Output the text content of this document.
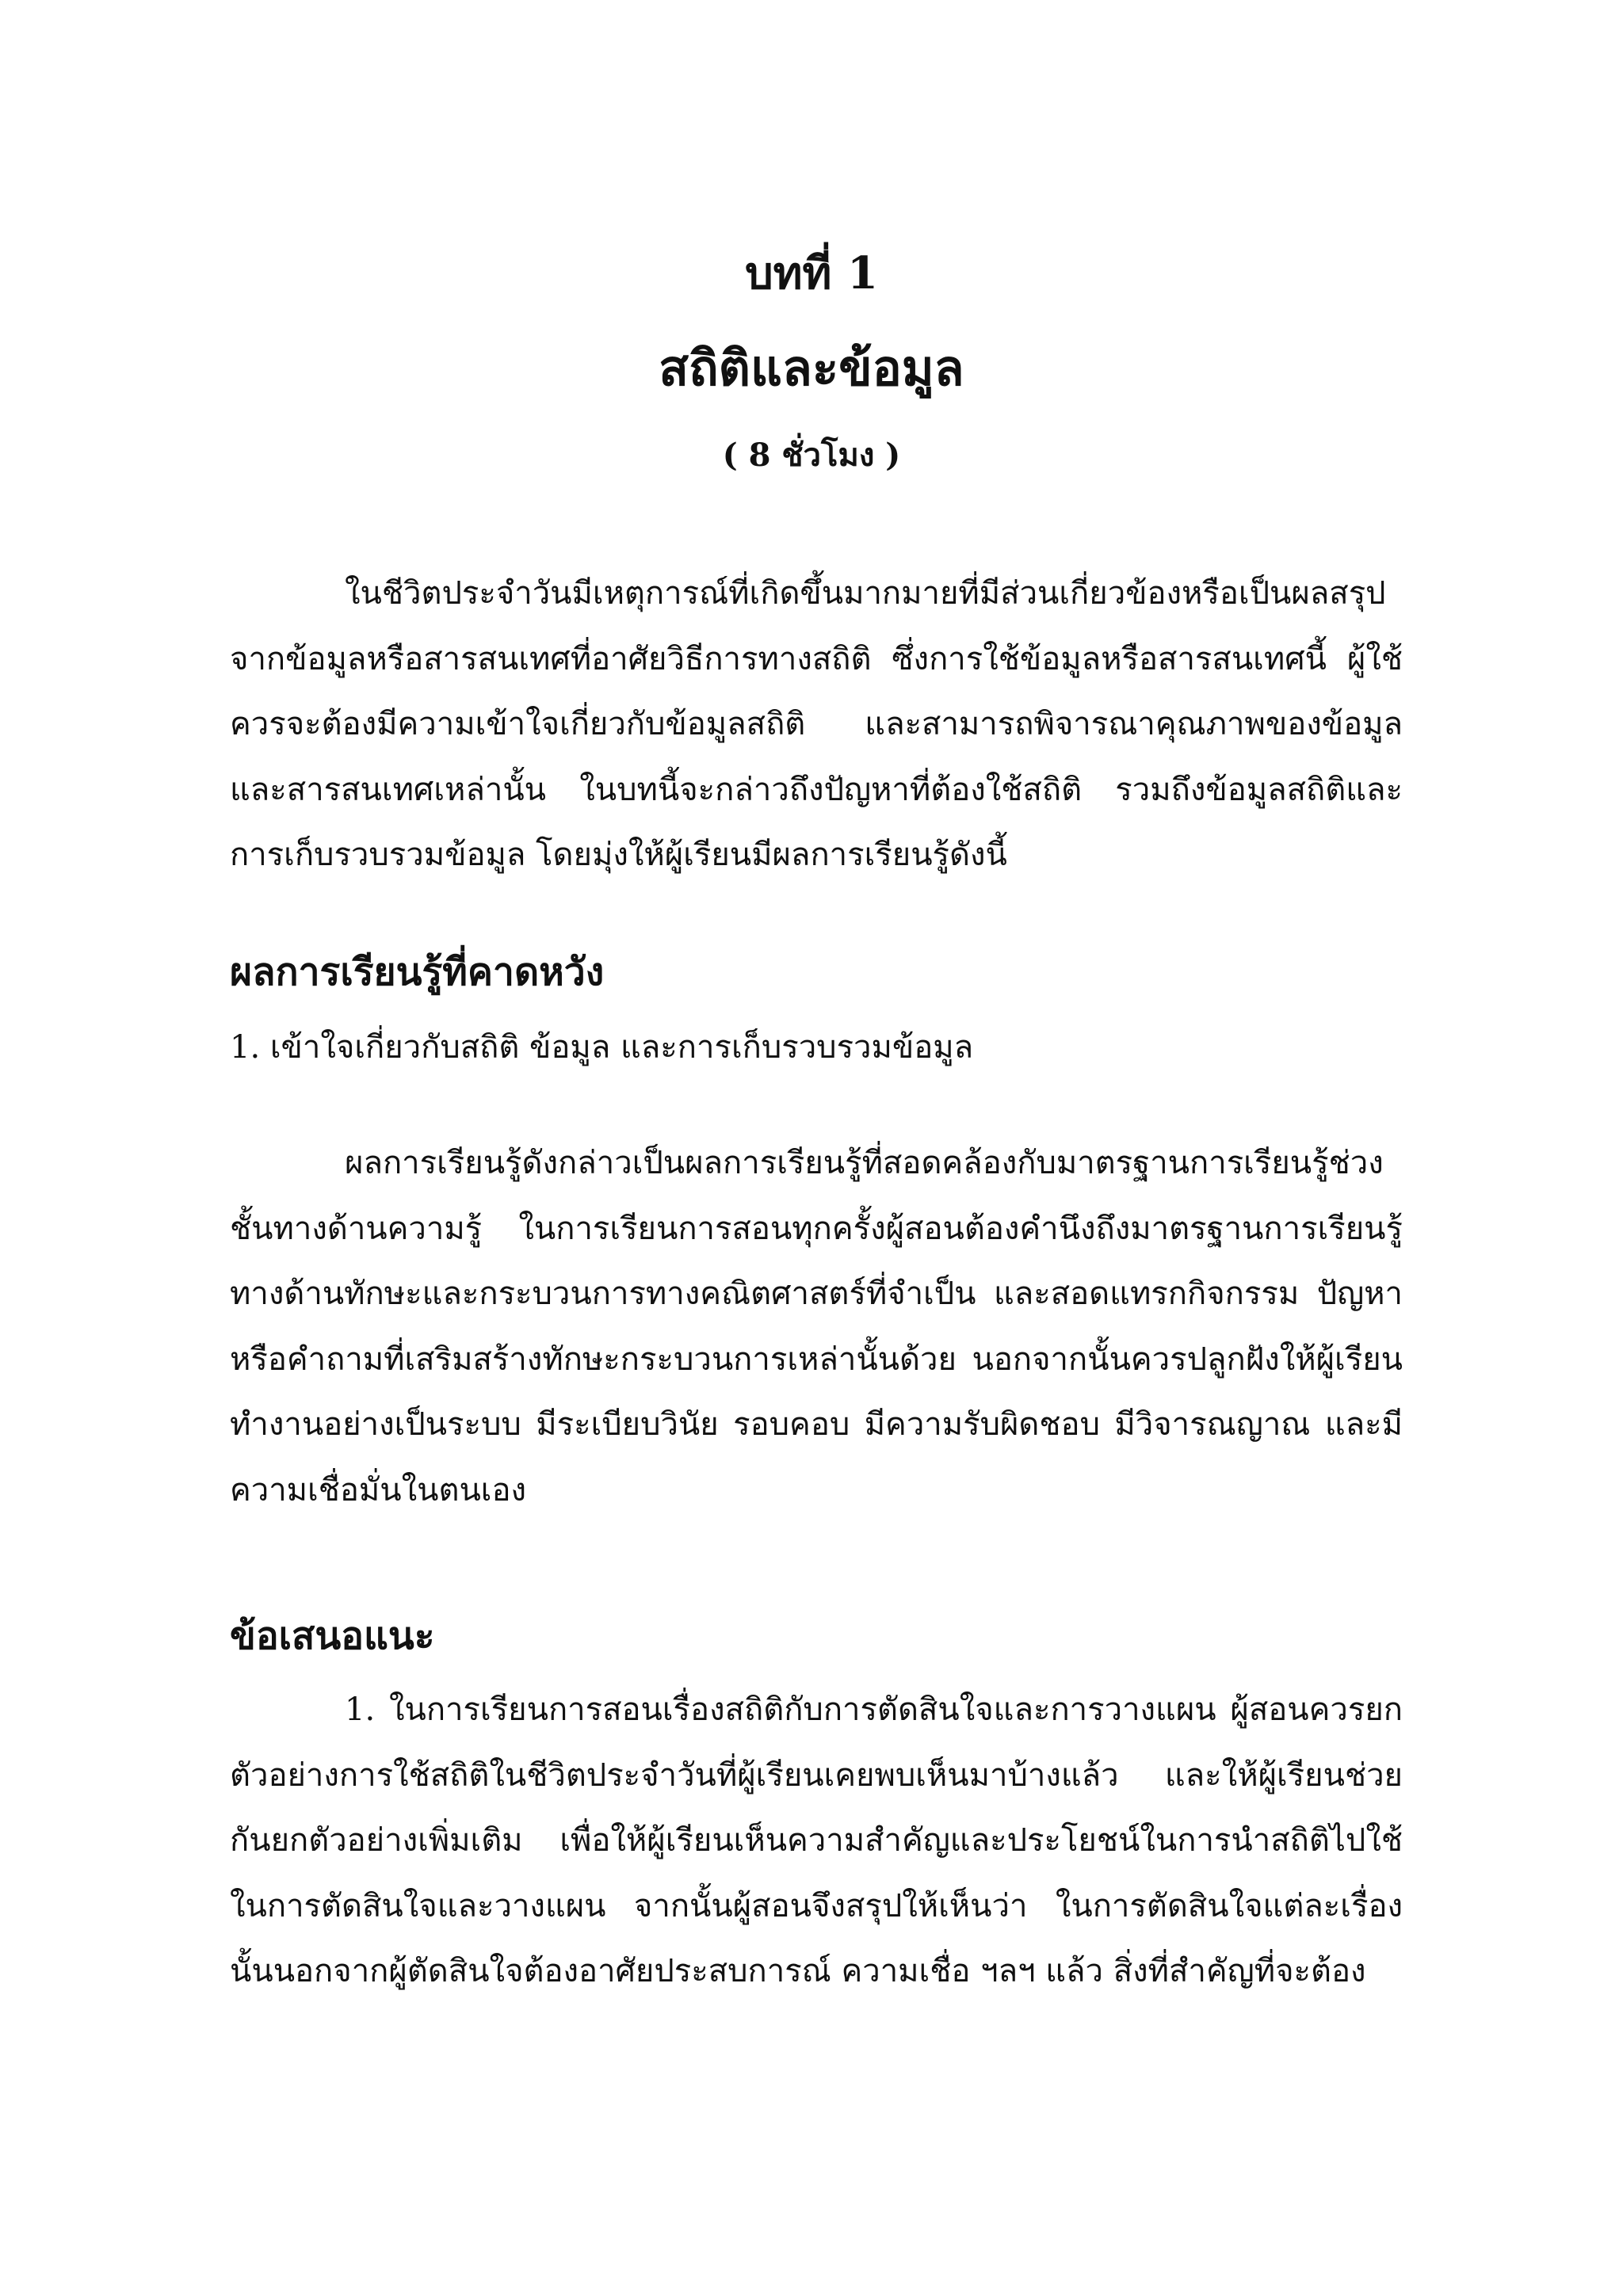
บทที่ 1
สถิติและข้อมูล
( 8 ชั่วโมง )

ในชีวิตประจำวันมีเหตุการณ์ที่เกิดขึ้นมากมายที่มีส่วนเกี่ยวข้องหรือเป็นผลสรุปจากข้อมูลหรือสารสนเทศที่อาศัยวิธีการทางสถิติ ซึ่งการใช้ข้อมูลหรือสารสนเทศนี้ ผู้ใช้ควรจะต้องมีความเข้าใจเกี่ยวกับข้อมูลสถิติ และสามารถพิจารณาคุณภาพของข้อมูลและสารสนเทศเหล่านั้น ในบทนี้จะกล่าวถึงปัญหาที่ต้องใช้สถิติ รวมถึงข้อมูลสถิติและการเก็บรวบรวมข้อมูล โดยมุ่งให้ผู้เรียนมีผลการเรียนรู้ดังนี้

ผลการเรียนรู้ที่คาดหวัง

1. เข้าใจเกี่ยวกับสถิติ ข้อมูล และการเก็บรวบรวมข้อมูล

ผลการเรียนรู้ดังกล่าวเป็นผลการเรียนรู้ที่สอดคล้องกับมาตรฐานการเรียนรู้ช่วงชั้นทางด้านความรู้ ในการเรียนการสอนทุกครั้งผู้สอนต้องคำนึงถึงมาตรฐานการเรียนรู้ทางด้านทักษะและกระบวนการทางคณิตศาสตร์ที่จำเป็น และสอดแทรกกิจกรรม ปัญหาหรือคำถามที่เสริมสร้างทักษะกระบวนการเหล่านั้นด้วย นอกจากนั้นควรปลูกฝังให้ผู้เรียนทำงานอย่างเป็นระบบ มีระเบียบวินัย รอบคอบ มีความรับผิดชอบ มีวิจารณญาณ และมีความเชื่อมั่นในตนเอง

ข้อเสนอแนะ

1. ในการเรียนการสอนเรื่องสถิติกับการตัดสินใจและการวางแผน ผู้สอนควรยกตัวอย่างการใช้สถิติในชีวิตประจำวันที่ผู้เรียนเคยพบเห็นมาบ้างแล้ว และให้ผู้เรียนช่วยกันยกตัวอย่างเพิ่มเติม เพื่อให้ผู้เรียนเห็นความสำคัญและประโยชน์ในการนำสถิติไปใช้ในการตัดสินใจและวางแผน จากนั้นผู้สอนจึงสรุปให้เห็นว่า ในการตัดสินใจแต่ละเรื่องนั้นนอกจากผู้ตัดสินใจต้องอาศัยประสบการณ์ ความเชื่อ ฯลฯ แล้ว สิ่งที่สำคัญที่จะต้อง
